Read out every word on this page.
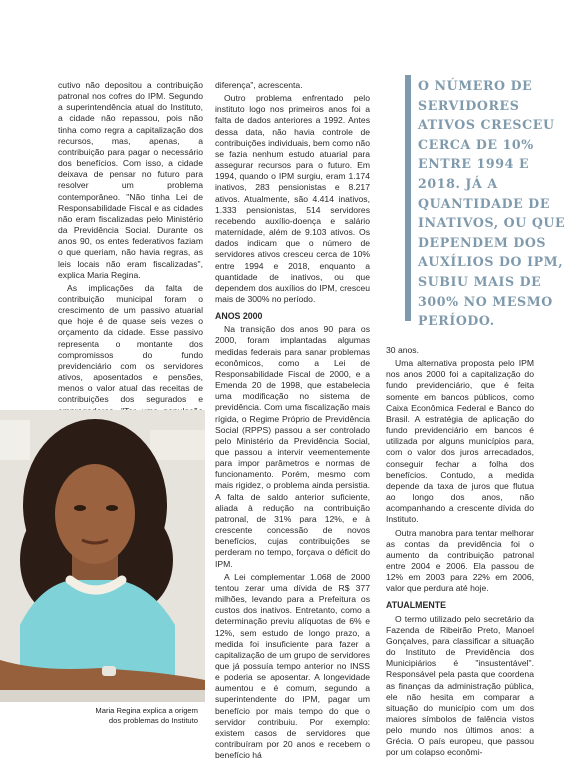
cutivo não depositou a contribuição patronal nos cofres do IPM. Segundo a superintendência atual do Instituto, a cidade não repassou, pois não tinha como regra a capitalização dos recursos, mas, apenas, a contribuição para pagar o necessário dos benefícios. Com isso, a cidade deixava de pensar no futuro para resolver um problema contemporâneo. "Não tinha Lei de Responsabilidade Fiscal e as cidades não eram fiscalizadas pelo Ministério da Previdência Social. Durante os anos 90, os entes federativos faziam o que queriam, não havia regras, as leis locais não eram fiscalizadas", explica Maria Regina.

As implicações da falta de contribuição municipal foram o crescimento de um passivo atuarial que hoje é de quase seis vezes o orçamento da cidade. Esse passivo representa o montante dos compromissos do fundo previdenciário com os servidores ativos, aposentados e pensões, menos o valor atual das receitas de contribuições dos segurados e

diferença", acrescenta.

Outro problema enfrentado pelo instituto logo nos primeiros anos foi a falta de dados anteriores a 1992. Antes dessa data, não havia controle de contribuições individuais, bem como não se fazia nenhum estudo atuarial para assegurar recursos para o futuro. Em 1994, quando o IPM surgiu, eram 1.174 inativos, 283 pensionistas e 8.217 ativos. Atualmente, são 4.414 inativos, 1.333 pensionistas, 514 servidores recebendo auxílio-doença e salário maternidade, além de 9.103 ativos. Os dados indicam que o número de servidores ativos cresceu cerca de 10% entre 1994 e 2018, enquanto a quantidade de inativos, ou que dependem dos auxílios do IPM, cresceu mais de 300% no período.

ANOS 2000

Na transição dos anos 90 para os 2000, foram implantadas algumas medidas federais para sanar problemas econômicos, como a Lei de Responsabilidade Fiscal de 2000, e a Emenda 20 de 1998, que estabelecia uma modificação no sistema de previdência. Com uma fiscalização mais rígida, o Regime Próprio de Previdência Social (RPPS) passou a ser controlado pelo Ministério da Previdência Social, que passou a intervir veementemente para impor parâmetros e normas de funcionamento. Porém, mesmo com mais rigidez, o problema ainda persistia. A falta de saldo anterior suficiente, aliada à redução na contribuição patronal, de 31% para 12%, e à crescente concessão de novos benefícios, cujas contribuições se perderam no tempo, forçava o déficit do IPM.

A Lei complementar 1.068 de 2000 tentou zerar uma dívida de R$ 377 milhões, levando para a Prefeitura os custos dos inativos. Entretanto, como a determinação previu alíquotas de 6% e 12%, sem estudo de longo prazo, a medida foi insuficiente para fazer a capitalização de um grupo de servidores que já possuía tempo anterior no INSS e poderia se aposentar. A longevidade aumentou e é comum, segundo a superintendente do IPM, pagar um benefício por mais tempo do que o servidor contribuiu. Por exemplo: existem casos de servidores que contribuíram por 20 anos e recebem o benefício há

O NÚMERO DE SERVIDORES ATIVOS CRESCEU CERCA DE 10% ENTRE 1994 E 2018. JÁ A QUANTIDADE DE INATIVOS, OU QUE DEPENDEM DOS AUXÍLIOS DO IPM, SUBIU MAIS DE 300% NO MESMO PERÍODO.

30 anos.

Uma alternativa proposta pelo IPM nos anos 2000 foi a capitalização do fundo previdenciário, que é feita somente em bancos públicos, como Caixa Econômica Federal e Banco do Brasil. A estratégia de aplicação do fundo previdenciário em bancos é utilizada por alguns municípios para, com o valor dos juros arrecadados, conseguir fechar a folha dos benefícios. Contudo, a medida depende da taxa de juros que flutua ao longo dos anos, não acompanhando a crescente dívida do Instituto.

Outra manobra para tentar melhorar as contas da previdência foi o aumento da contribuição patronal entre 2004 e 2006. Ela passou de 12% em 2003 para 22% em 2006, valor que perdura até hoje.

ATUALMENTE

O termo utilizado pelo secretário da Fazenda de Ribeirão Preto, Manoel Gonçalves, para classificar a situação do Instituto de Previdência dos Municipiários é "insustentável". Responsável pela pasta que coordena as finanças da administração pública, ele não hesita em comparar a situação do município com um dos maiores símbolos de falência vistos pelo mundo nos últimos anos: a Grécia. O país europeu, que passou por um colapso econômi-

Maria Regina explica a origem
dos problemas do Instituto
